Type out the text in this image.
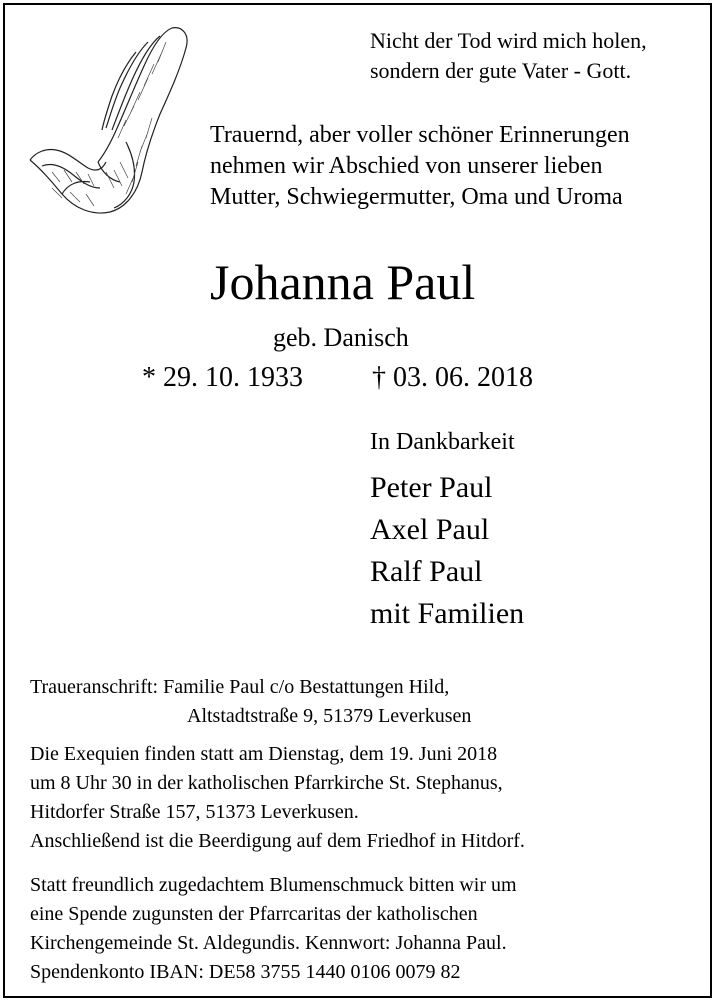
Nicht der Tod wird mich holen,
sondern der gute Vater - Gott.
Trauernd, aber voller schöner Erinnerungen
nehmen wir Abschied von unserer lieben
Mutter, Schwiegermutter, Oma und Uroma
Johanna Paul
geb. Danisch
* 29. 10. 1933 † 03. 06. 2018
In Dankbarkeit
Peter Paul
Axel Paul
Ralf Paul
mit Familien
Traueranschrift: Familie Paul c/o Bestattungen Hild,
Altstadtstraße 9, 51379 Leverkusen
Die Exequien finden statt am Dienstag, dem 19. Juni 2018
um 8 Uhr 30 in der katholischen Pfarrkirche St. Stephanus,
Hitdorfer Straße 157, 51373 Leverkusen.
Anschließend ist die Beerdigung auf dem Friedhof in Hitdorf.
Statt freundlich zugedachtem Blumenschmuck bitten wir um
eine Spende zugunsten der Pfarrcaritas der katholischen
Kirchengemeinde St. Aldegundis. Kennwort: Johanna Paul.
Spendenkonto IBAN: DE58 3755 1440 0106 0079 82
